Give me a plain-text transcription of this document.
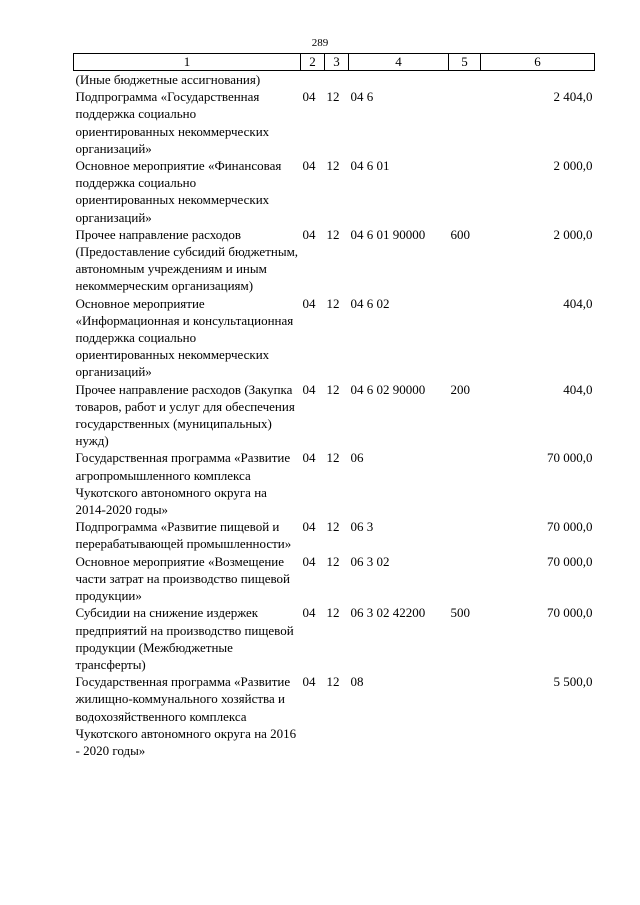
289
1	2	3	4	5	6
(Иные бюджетные ассигнования)					
Подпрограмма «Государственная поддержка социально ориентированных некоммерческих организаций»	04	12	04 6		2 404,0
Основное мероприятие «Финансовая поддержка социально ориентированных некоммерческих организаций»	04	12	04 6 01		2 000,0
Прочее направление расходов (Предоставление субсидий бюджетным, автономным учреждениям и иным некоммерческим организациям)	04	12	04 6 01 90000	600	2 000,0
Основное мероприятие «Информационная и консультационная поддержка социально ориентированных некоммерческих организаций»	04	12	04 6 02		404,0
Прочее направление расходов (Закупка товаров, работ и услуг для обеспечения государственных (муниципальных) нужд)	04	12	04 6 02 90000	200	404,0
Государственная программа «Развитие агропромышленного комплекса Чукотского автономного округа на 2014-2020 годы»	04	12	06		70 000,0
Подпрограмма «Развитие пищевой и перерабатывающей промышленности»	04	12	06 3		70 000,0
Основное мероприятие «Возмещение части затрат на производство пищевой продукции»	04	12	06 3 02		70 000,0
Субсидии на снижение издержек предприятий на производство пищевой продукции (Межбюджетные трансферты)	04	12	06 3 02 42200	500	70 000,0
Государственная программа «Развитие жилищно-коммунального хозяйства и водохозяйственного комплекса Чукотского автономного округа на 2016 - 2020 годы»	04	12	08		5 500,0
